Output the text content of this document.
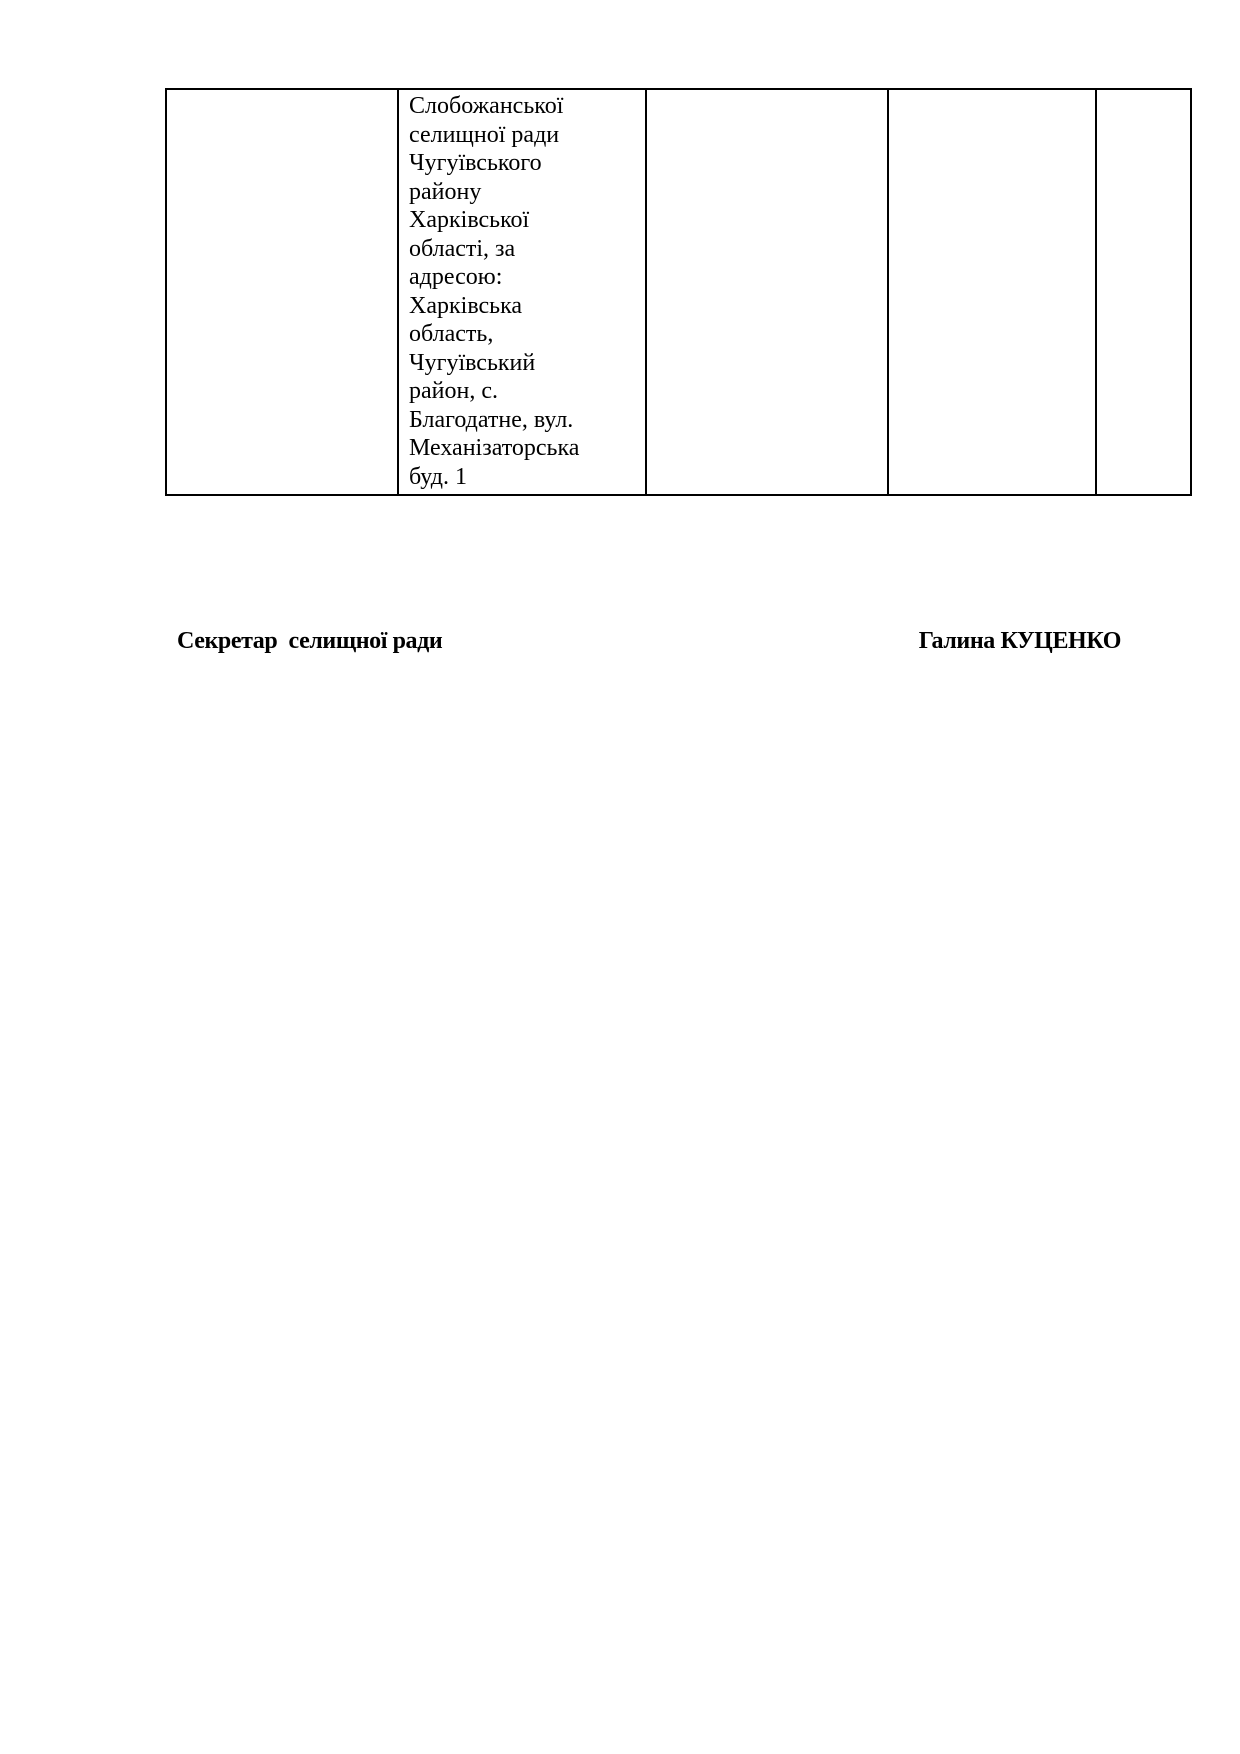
Слобожанської
селищної ради
Чугуївського
району
Харківської
області, за
адресою:
Харківська
область,
Чугуївський
район, с.
Благодатне, вул.
Механізаторська
буд. 1

Секретар  селищної ради	Галина КУЦЕНКО
